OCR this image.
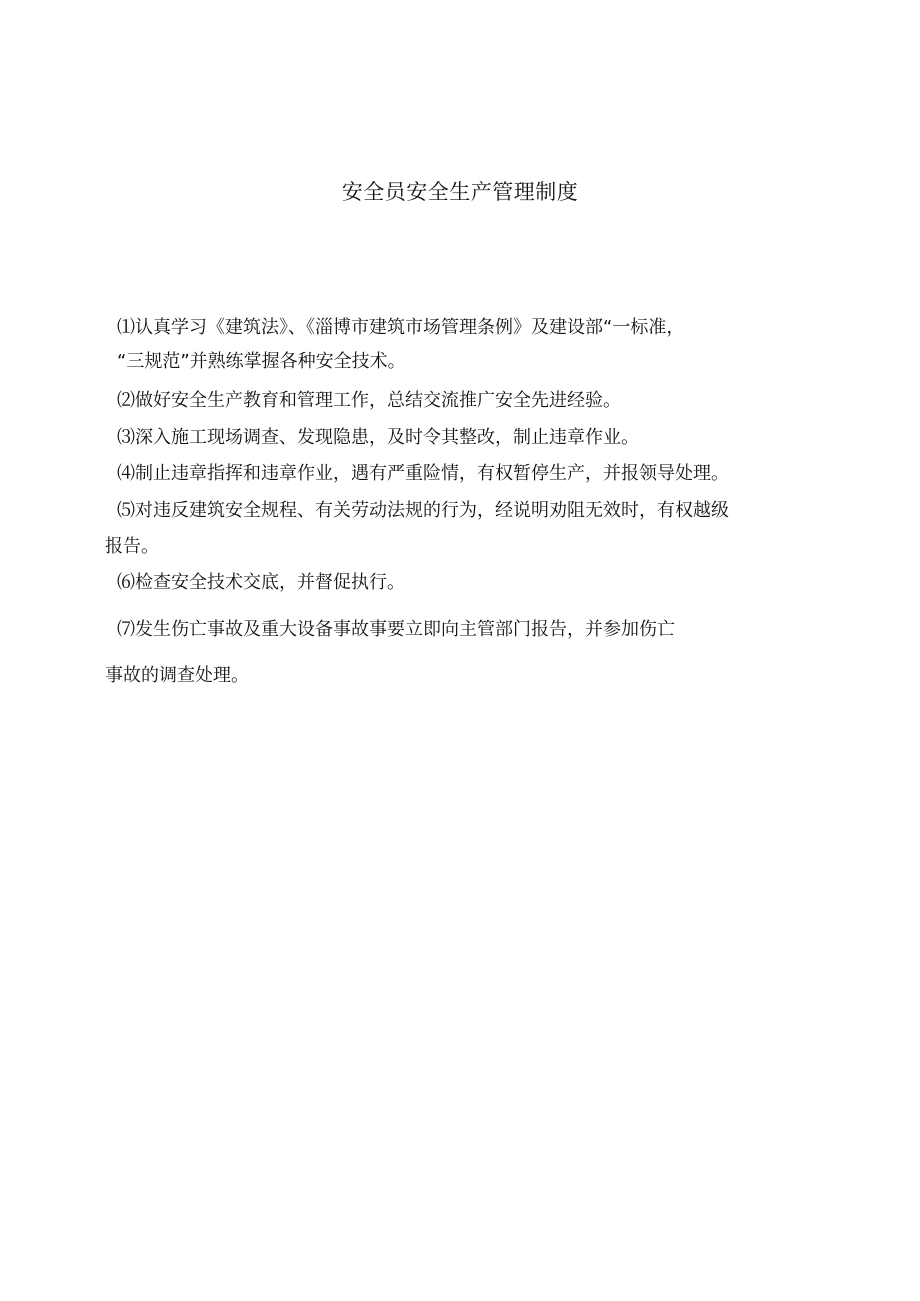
安全员安全生产管理制度
⑴认真学习《建筑法》、《淄博市建筑市场管理条例》及建设部“一标准，
“三规范”并熟练掌握各种安全技术。
⑵做好安全生产教育和管理工作，总结交流推广安全先进经验。
⑶深入施工现场调查、发现隐患，及时令其整改，制止违章作业。
⑷制止违章指挥和违章作业，遇有严重险情，有权暂停生产，并报领导处理。
⑸对违反建筑安全规程、有关劳动法规的行为，经说明劝阻无效时，有权越级
报告。
⑹检查安全技术交底，并督促执行。
⑺发生伤亡事故及重大设备事故事要立即向主管部门报告，并参加伤亡
事故的调查处理。
